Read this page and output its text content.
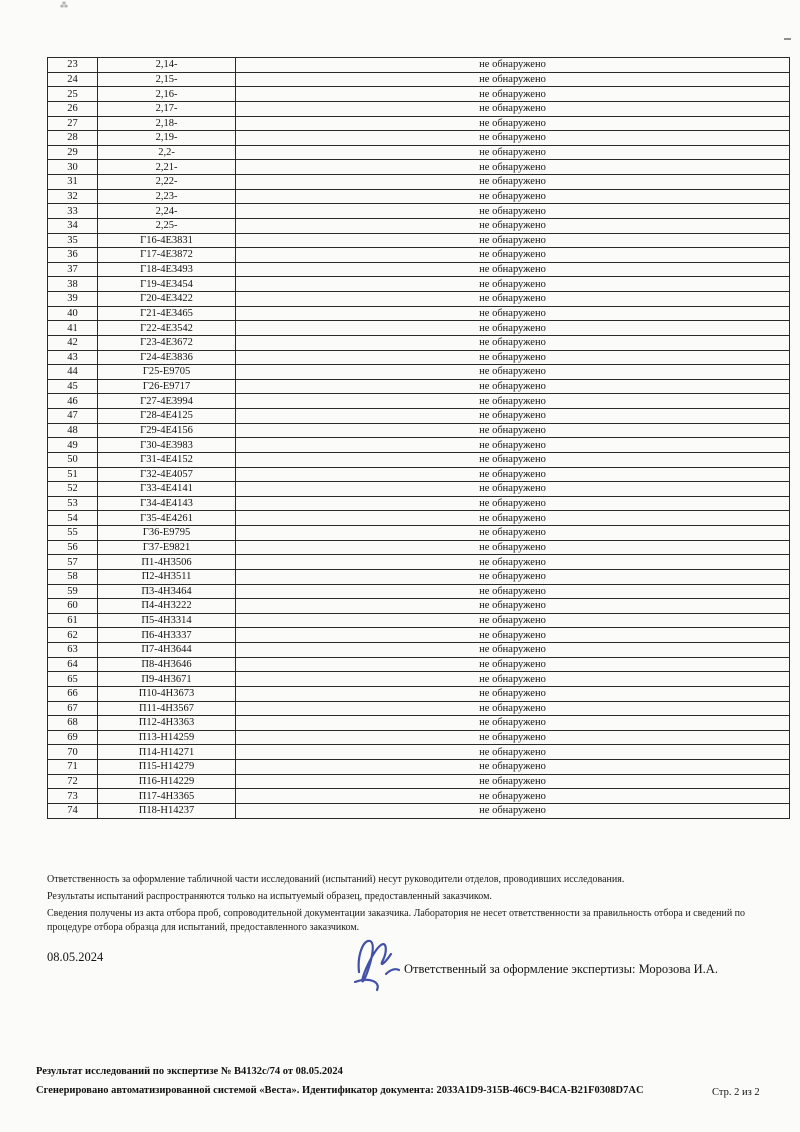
⁂
23	2,14-	не обнаружено
24	2,15-	не обнаружено
25	2,16-	не обнаружено
26	2,17-	не обнаружено
27	2,18-	не обнаружено
28	2,19-	не обнаружено
29	2,2-	не обнаружено
30	2,21-	не обнаружено
31	2,22-	не обнаружено
32	2,23-	не обнаружено
33	2,24-	не обнаружено
34	2,25-	не обнаружено
35	Г16-4Е3831	не обнаружено
36	Г17-4Е3872	не обнаружено
37	Г18-4Е3493	не обнаружено
38	Г19-4Е3454	не обнаружено
39	Г20-4Е3422	не обнаружено
40	Г21-4Е3465	не обнаружено
41	Г22-4Е3542	не обнаружено
42	Г23-4Е3672	не обнаружено
43	Г24-4Е3836	не обнаружено
44	Г25-Е9705	не обнаружено
45	Г26-Е9717	не обнаружено
46	Г27-4Е3994	не обнаружено
47	Г28-4Е4125	не обнаружено
48	Г29-4Е4156	не обнаружено
49	Г30-4Е3983	не обнаружено
50	Г31-4Е4152	не обнаружено
51	Г32-4Е4057	не обнаружено
52	Г33-4Е4141	не обнаружено
53	Г34-4Е4143	не обнаружено
54	Г35-4Е4261	не обнаружено
55	Г36-Е9795	не обнаружено
56	Г37-Е9821	не обнаружено
57	П1-4Н3506	не обнаружено
58	П2-4Н3511	не обнаружено
59	П3-4Н3464	не обнаружено
60	П4-4Н3222	не обнаружено
61	П5-4Н3314	не обнаружено
62	П6-4Н3337	не обнаружено
63	П7-4Н3644	не обнаружено
64	П8-4Н3646	не обнаружено
65	П9-4Н3671	не обнаружено
66	П10-4Н3673	не обнаружено
67	П11-4Н3567	не обнаружено
68	П12-4Н3363	не обнаружено
69	П13-Н14259	не обнаружено
70	П14-Н14271	не обнаружено
71	П15-Н14279	не обнаружено
72	П16-Н14229	не обнаружено
73	П17-4Н3365	не обнаружено
74	П18-Н14237	не обнаружено
Ответственность за оформление табличной части исследований (испытаний) несут руководители отделов, проводивших исследования.
Результаты испытаний распространяются только на испытуемый образец, предоставленный заказчиком.
Сведения получены из акта отбора проб, сопроводительной документации заказчика. Лаборатория не несет ответственности за правильность отбора и сведений по процедуре отбора образца для испытаний, предоставленного заказчиком.
08.05.2024
Ответственный за оформление экспертизы: Морозова И.А.
Результат исследований по экспертизе № В4132с/74 от 08.05.2024
Сгенерировано автоматизированной системой «Веста». Идентификатор документа: 2033A1D9-315B-46C9-B4CA-B21F0308D7AC	Стр. 2 из 2
